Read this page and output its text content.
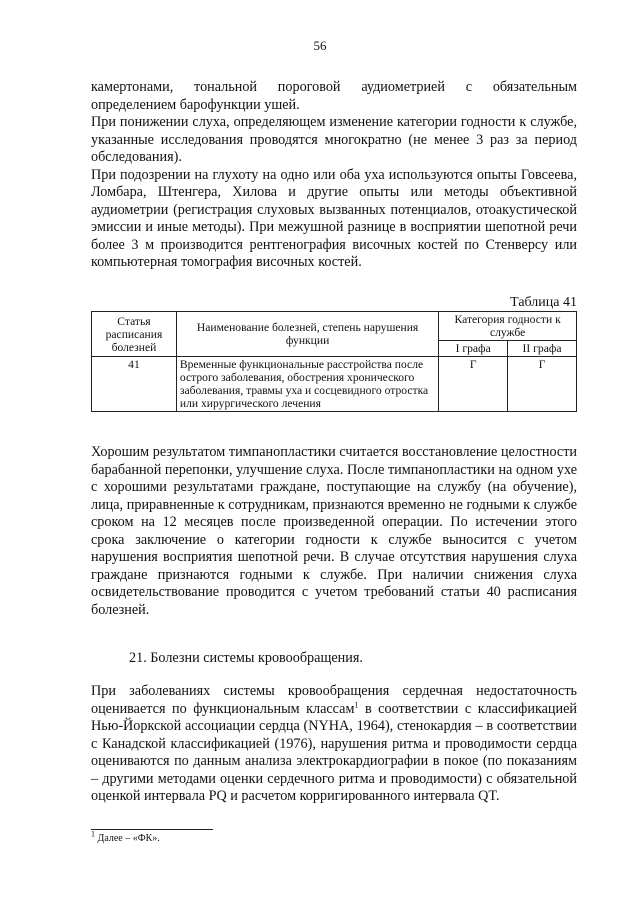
56

камертонами, тональной пороговой аудиометрией с обязательным определением барофункции ушей.

При понижении слуха, определяющем изменение категории годности к службе, указанные исследования проводятся многократно (не менее 3 раз за период обследования).

При подозрении на глухоту на одно или оба уха используются опыты Говсеева, Ломбара, Штенгера, Хилова и другие опыты или методы объективной аудиометрии (регистрация слуховых вызванных потенциалов, отоакустической эмиссии и иные методы). При межушной разнице в восприятии шепотной речи более 3 м производится рентгенография височных костей по Стенверсу или компьютерная томография височных костей.

Таблица 41
Статья расписания болезней	Наименование болезней, степень нарушения функции	Категория годности к службе	
		I графа	II графа
41	Временные функциональные расстройства после острого заболевания, обострения хронического заболевания, травмы уха и сосцевидного отростка или хирургического лечения	Г	Г

Хорошим результатом тимпанопластики считается восстановление целостности барабанной перепонки, улучшение слуха. После тимпанопластики на одном ухе с хорошими результатами граждане, поступающие на службу (на обучение), лица, приравненные к сотрудникам, признаются временно не годными к службе сроком на 12 месяцев после произведенной операции. По истечении этого срока заключение о категории годности к службе выносится с учетом нарушения восприятия шепотной речи. В случае отсутствия нарушения слуха граждане признаются годными к службе. При наличии снижения слуха освидетельствование проводится с учетом требований статьи 40 расписания болезней.

21. Болезни системы кровообращения.

При заболеваниях системы кровообращения сердечная недостаточность оценивается по функциональным классам$^1$ в соответствии с классификацией Нью-Йоркской ассоциации сердца (NYHA, 1964), стенокардия – в соответствии с Канадской классификацией (1976), нарушения ритма и проводимости сердца оцениваются по данным анализа электрокардиографии в покое (по показаниям – другими методами оценки сердечного ритма и проводимости) с обязательной оценкой интервала PQ и расчетом корригированного интервала QT.

$^1$ Далее – «ФК».
